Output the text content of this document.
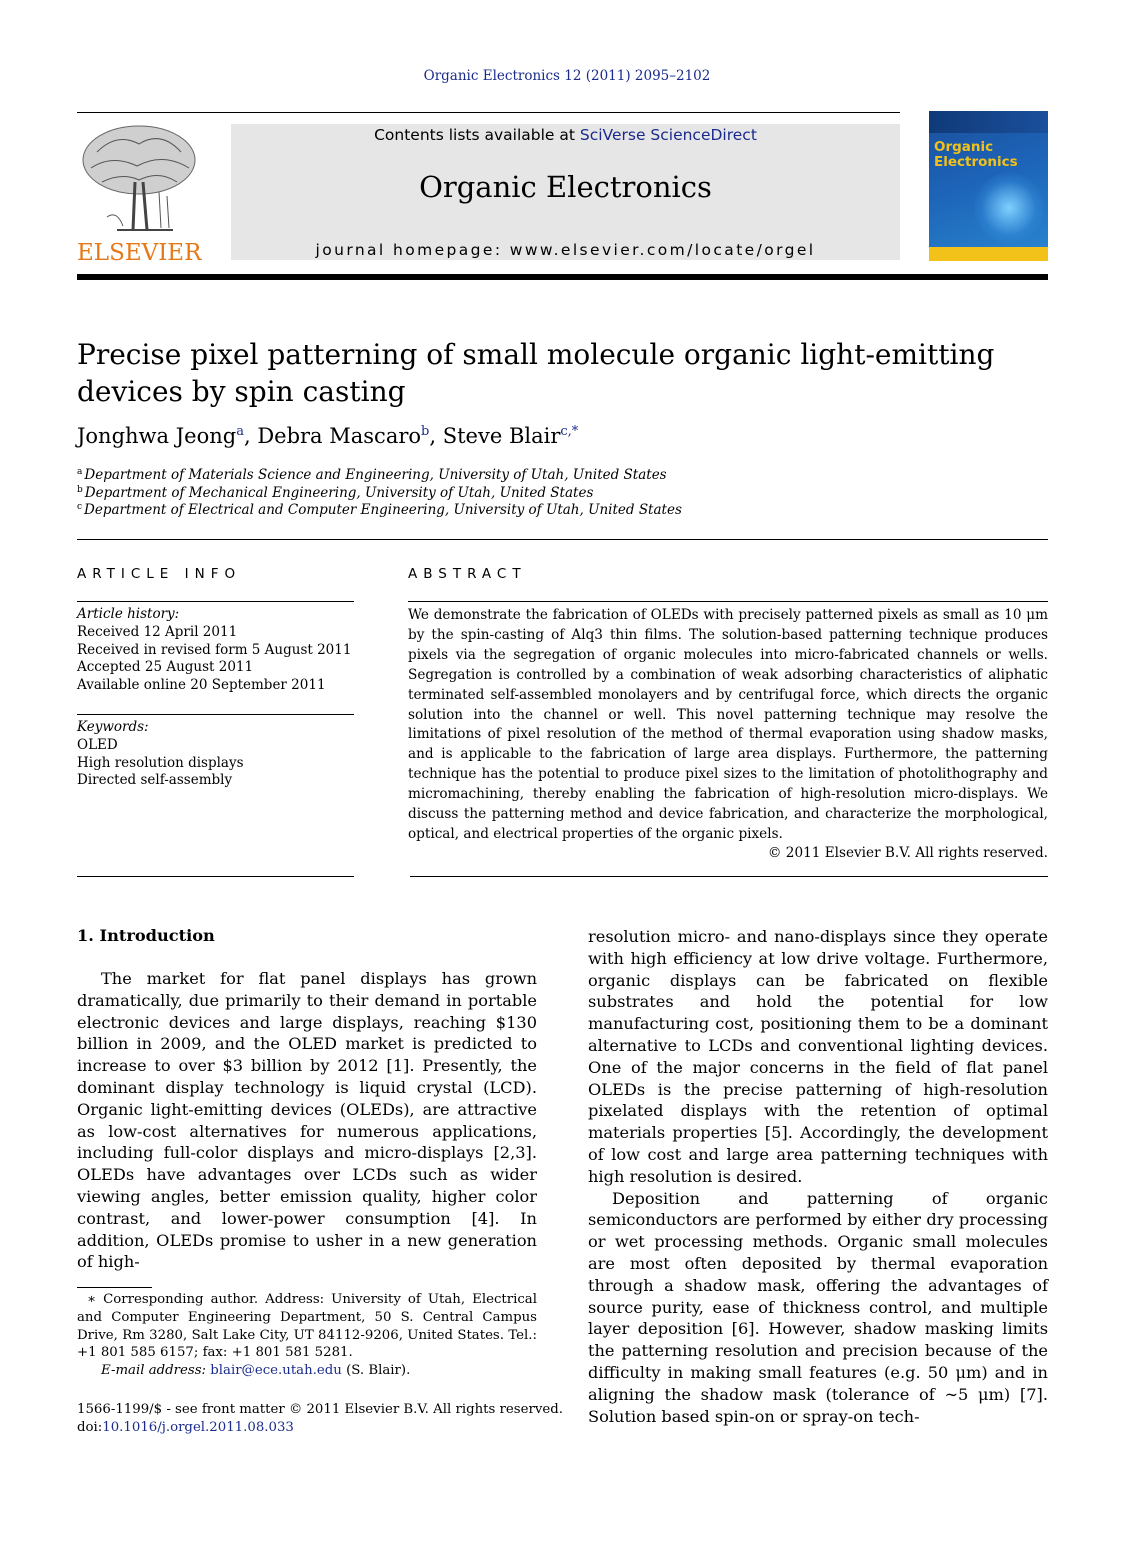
Organic Electronics 12 (2011) 2095–2102
ELSEVIER
Contents lists available at SciVerse ScienceDirect
Organic Electronics
journal homepage: www.elsevier.com/locate/orgel
Organic
Electronics
Precise pixel patterning of small molecule organic light-emitting devices by spin casting
Jonghwa Jeong$^a$, Debra Mascaro$^b$, Steve Blair$^{c,*}$
$^a$ Department of Materials Science and Engineering, University of Utah, United States
$^b$ Department of Mechanical Engineering, University of Utah, United States
$^c$ Department of Electrical and Computer Engineering, University of Utah, United States
ARTICLE INFO
Article history:
Received 12 April 2011
Received in revised form 5 August 2011
Accepted 25 August 2011
Available online 20 September 2011
Keywords:
OLED
High resolution displays
Directed self-assembly
ABSTRACT
We demonstrate the fabrication of OLEDs with precisely patterned pixels as small as 10 μm by the spin-casting of Alq3 thin films. The solution-based patterning technique produces pixels via the segregation of organic molecules into micro-fabricated channels or wells. Segregation is controlled by a combination of weak adsorbing characteristics of aliphatic terminated self-assembled monolayers and by centrifugal force, which directs the organic solution into the channel or well. This novel patterning technique may resolve the limitations of pixel resolution of the method of thermal evaporation using shadow masks, and is applicable to the fabrication of large area displays. Furthermore, the patterning technique has the potential to produce pixel sizes to the limitation of photolithography and micromachining, thereby enabling the fabrication of high-resolution micro-displays. We discuss the patterning method and device fabrication, and characterize the morphological, optical, and electrical properties of the organic pixels.
© 2011 Elsevier B.V. All rights reserved.
1. Introduction

The market for flat panel displays has grown dramatically, due primarily to their demand in portable electronic devices and large displays, reaching $130 billion in 2009, and the OLED market is predicted to increase to over $3 billion by 2012 [1]. Presently, the dominant display technology is liquid crystal (LCD). Organic light-emitting devices (OLEDs), are attractive as low-cost alternatives for numerous applications, including full-color displays and micro-displays [2,3]. OLEDs have advantages over LCDs such as wider viewing angles, better emission quality, higher color contrast, and lower-power consumption [4]. In addition, OLEDs promise to usher in a new generation of high-

resolution micro- and nano-displays since they operate with high efficiency at low drive voltage. Furthermore, organic displays can be fabricated on flexible substrates and hold the potential for low manufacturing cost, positioning them to be a dominant alternative to LCDs and conventional lighting devices. One of the major concerns in the field of flat panel OLEDs is the precise patterning of high-resolution pixelated displays with the retention of optimal materials properties [5]. Accordingly, the development of low cost and large area patterning techniques with high resolution is desired.

Deposition and patterning of organic semiconductors are performed by either dry processing or wet processing methods. Organic small molecules are most often deposited by thermal evaporation through a shadow mask, offering the advantages of source purity, ease of thickness control, and multiple layer deposition [6]. However, shadow masking limits the patterning resolution and precision because of the difficulty in making small features (e.g. 50 μm) and in aligning the shadow mask (tolerance of ∼5 μm) [7]. Solution based spin-on or spray-on tech-

∗ Corresponding author. Address: University of Utah, Electrical and Computer Engineering Department, 50 S. Central Campus Drive, Rm 3280, Salt Lake City, UT 84112-9206, United States. Tel.: +1 801 585 6157; fax: +1 801 581 5281.
E-mail address: blair@ece.utah.edu (S. Blair).
1566-1199/$ - see front matter © 2011 Elsevier B.V. All rights reserved.
doi:10.1016/j.orgel.2011.08.033
